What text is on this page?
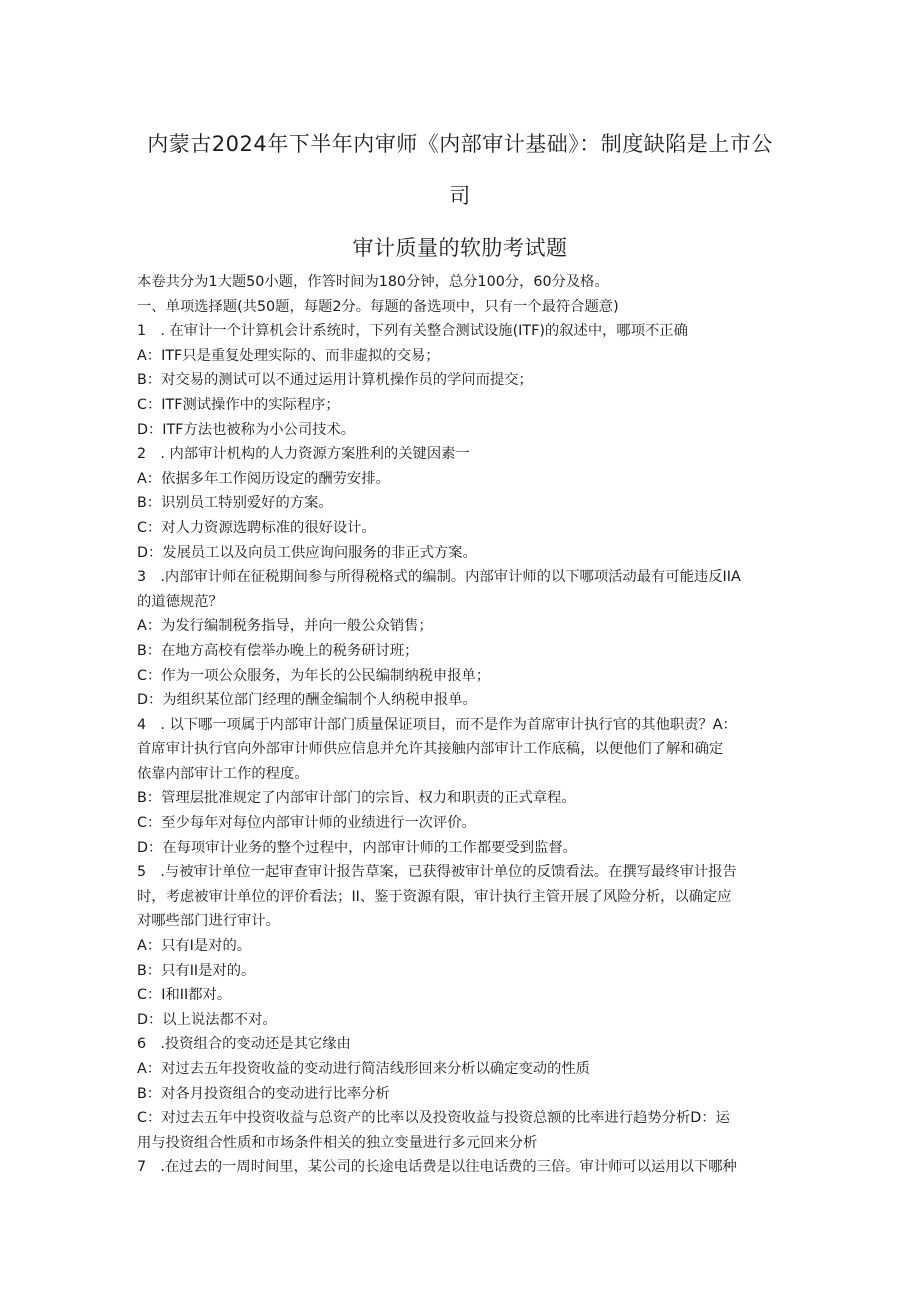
内蒙古2024年下半年内审师《内部审计基础》：制度缺陷是上市公
司
审计质量的软肋考试题
本卷共分为1大题50小题，作答时间为180分钟，总分100分，60分及格。
一、单项选择题(共50题，每题2分。每题的备选项中，只有一个最符合题意)
1　. 在审计一个计算机会计系统时，下列有关整合测试设施(ITF)的叙述中，哪项不正确
A：ITF只是重复处理实际的、而非虚拟的交易；
B：对交易的测试可以不通过运用计算机操作员的学问而提交；
C：ITF测试操作中的实际程序；
D：ITF方法也被称为小公司技术。
2　. 内部审计机构的人力资源方案胜利的关键因素一
A：依据多年工作阅历设定的酬劳安排。
B：识别员工特别爱好的方案。
C：对人力资源选聘标准的很好设计。
D：发展员工以及向员工供应询问服务的非正式方案。
3　.内部审计师在征税期间参与所得税格式的编制。内部审计师的以下哪项活动最有可能违反IIA
的道德规范？
A：为发行编制税务指导，并向一般公众销售；
B：在地方高校有偿举办晚上的税务研讨班；
C：作为一项公众服务，为年长的公民编制纳税申报单；
D：为组织某位部门经理的酬金编制个人纳税申报单。
4　. 以下哪一项属于内部审计部门质量保证项目，而不是作为首席审计执行官的其他职责？A：
首席审计执行官向外部审计师供应信息并允许其接触内部审计工作底稿，以便他们了解和确定
依靠内部审计工作的程度。
B：管理层批准规定了内部审计部门的宗旨、权力和职责的正式章程。
C：至少每年对每位内部审计师的业绩进行一次评价。
D：在每项审计业务的整个过程中，内部审计师的工作都要受到监督。
5　.与被审计单位一起审查审计报告草案，已获得被审计单位的反馈看法。在撰写最终审计报告
时，考虑被审计单位的评价看法；II、鉴于资源有限，审计执行主管开展了风险分析，以确定应
对哪些部门进行审计。
A：只有I是对的。
B：只有II是对的。
C：I和II都对。
D：以上说法都不对。
6　.投资组合的变动还是其它缘由
A：对过去五年投资收益的变动进行简洁线形回来分析以确定变动的性质
B：对各月投资组合的变动进行比率分析
C：对过去五年中投资收益与总资产的比率以及投资收益与投资总额的比率进行趋势分析D：运
用与投资组合性质和市场条件相关的独立变量进行多元回来分析
7　.在过去的一周时间里，某公司的长途电话费是以往电话费的三倍。审计师可以运用以下哪种
